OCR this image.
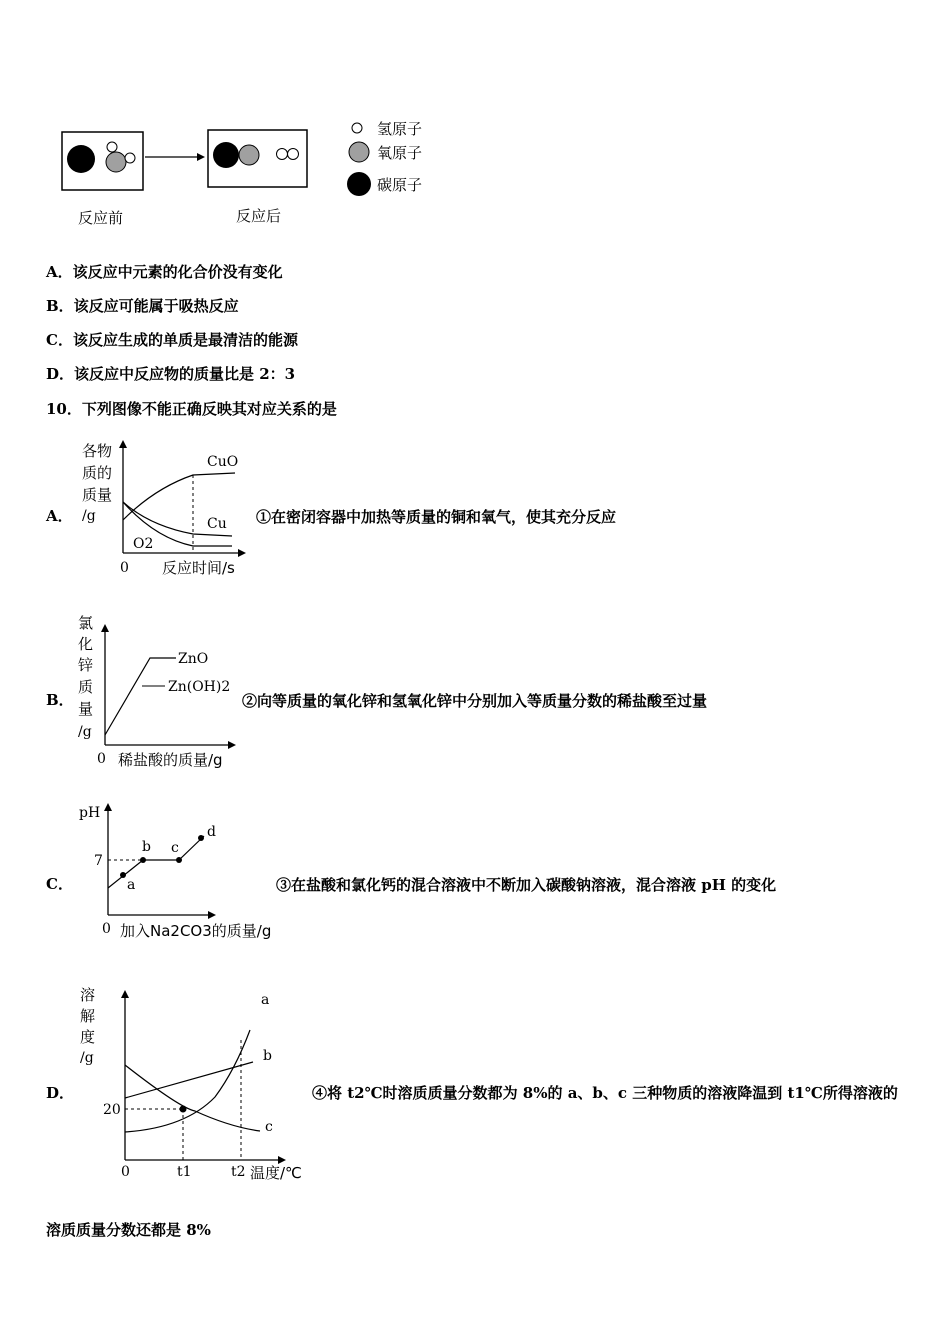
氢原子
氧原子
碳原子
反应前	反应后
A．该反应中元素的化合价没有变化
B．该反应可能属于吸热反应
C．该反应生成的单质是最清洁的能源
D．该反应中反应物的质量比是 2：3
10．下列图像不能正确反映其对应关系的是
A．
各物
质的
质量
/g
CuO
Cu
O2
0 反应时间/s
①在密闭容器中加热等质量的铜和氧气，使其充分反应
B．
氯
化
锌
质
量
/g
ZnO
Zn(OH)2
0 稀盐酸的质量/g
②向等质量的氧化锌和氢氧化锌中分别加入等质量分数的稀盐酸至过量
C．
pH
7
a
b c
d
0 加入Na2CO3的质量/g
③在盐酸和氯化钙的混合溶液中不断加入碳酸钠溶液，混合溶液 pH 的变化
D．
溶
解
度
/g
20
a
b
c
0	t1	t2 温度/℃
④将 t2℃时溶质质量分数都为 8%的 a、b、c 三种物质的溶液降温到 t1℃所得溶液的
溶质质量分数还都是 8%
